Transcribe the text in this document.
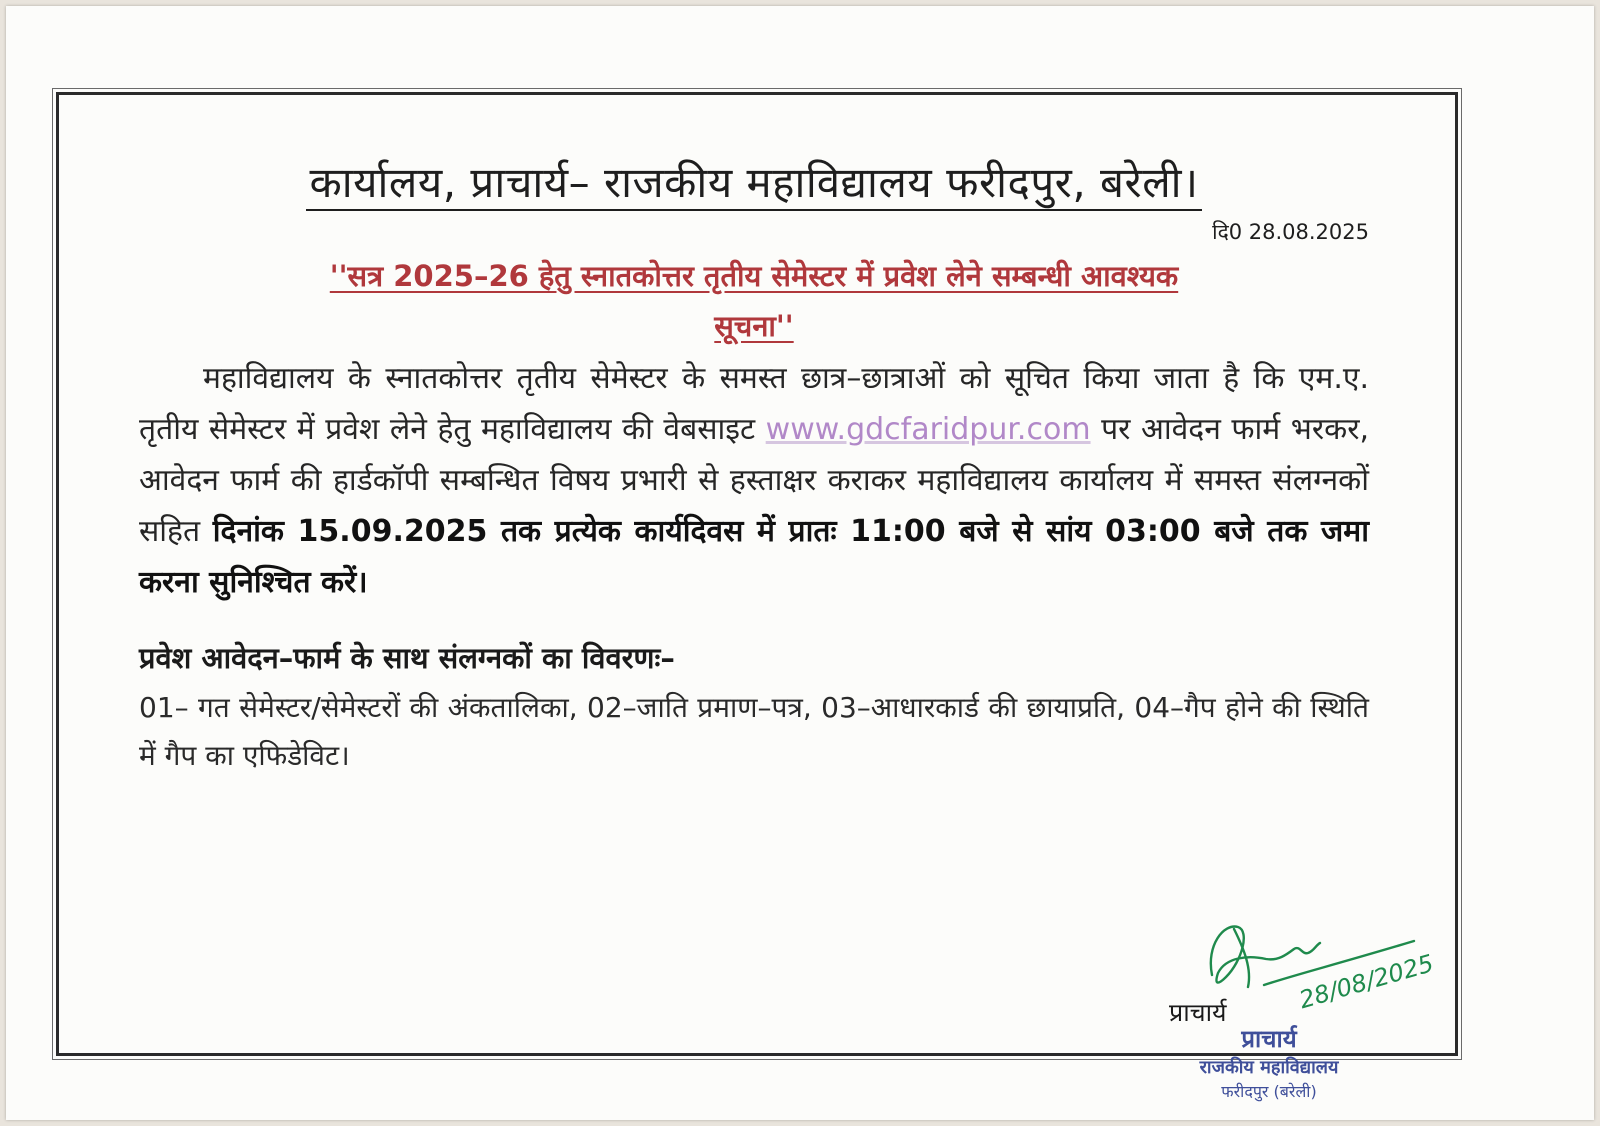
कार्यालय, प्राचार्य– राजकीय महाविद्यालय फरीदपुर, बरेली।
दि0 28.08.2025
''सत्र 2025–26 हेतु स्नातकोत्तर तृतीय सेमेस्टर में प्रवेश लेने सम्बन्धी आवश्यक
सूचना''

महाविद्यालय के स्नातकोत्तर तृतीय सेमेस्टर के समस्त छात्र–छात्राओं को सूचित किया जाता है कि एम.ए. तृतीय सेमेस्टर में प्रवेश लेने हेतु महाविद्यालय की वेबसाइट www.gdcfaridpur.com पर आवेदन फार्म भरकर, आवेदन फार्म की हार्डकॉपी सम्बन्धित विषय प्रभारी से हस्ताक्षर कराकर महाविद्यालय कार्यालय में समस्त संलग्नकों सहित दिनांक 15.09.2025 तक प्रत्येक कार्यदिवस में प्रातः 11:00 बजे से सांय 03:00 बजे तक जमा करना सुनिश्चित करें।

प्रवेश आवेदन–फार्म के साथ संलग्नकों का विवरणः–
01– गत सेमेस्टर/सेमेस्टरों की अंकतालिका, 02–जाति प्रमाण–पत्र, 03–आधारकार्ड की छायाप्रति, 04–गैप होने की स्थिति में गैप का एफिडेविट।
28/08/2025
प्राचार्य
प्राचार्य
राजकीय महाविद्यालय
फरीदपुर (बरेली)
